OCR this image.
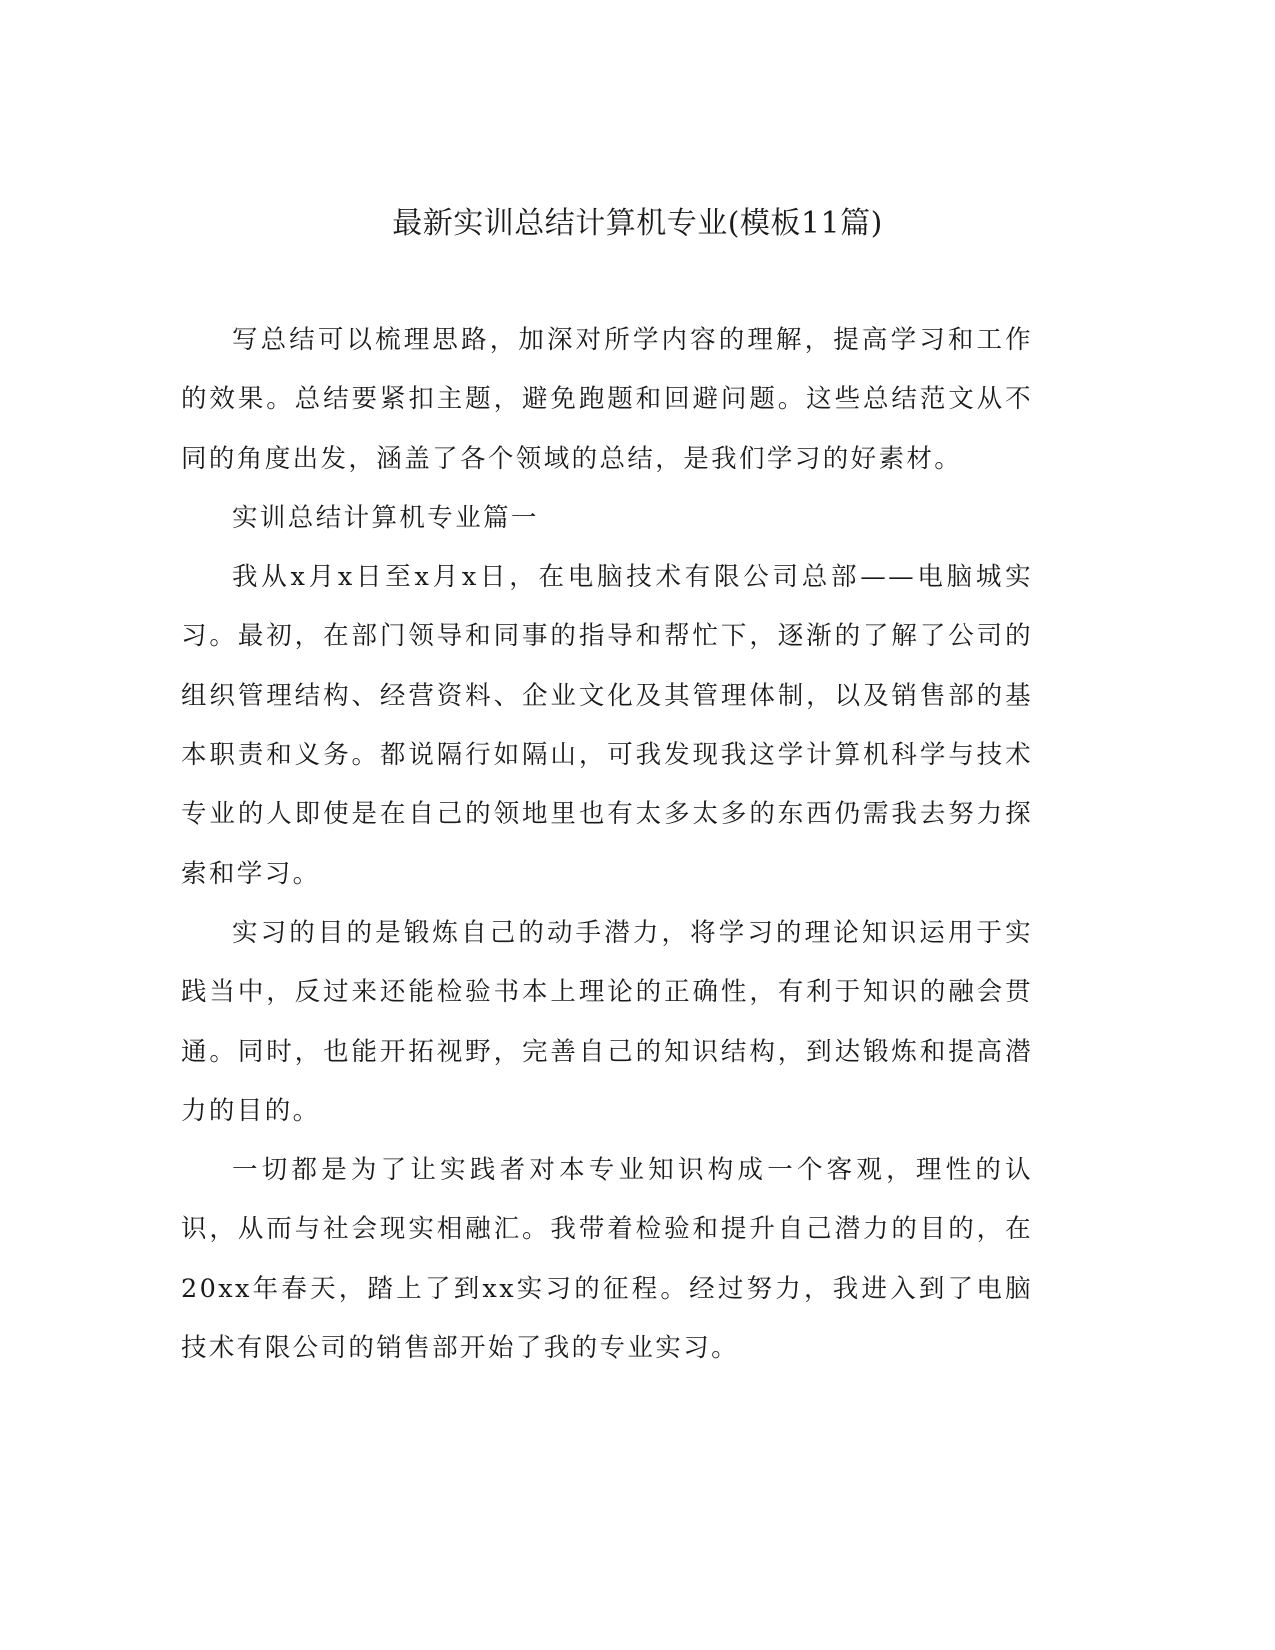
最新实训总结计算机专业(模板11篇)

写总结可以梳理思路，加深对所学内容的理解，提高学习和工作的效果。总结要紧扣主题，避免跑题和回避问题。这些总结范文从不同的角度出发，涵盖了各个领域的总结，是我们学习的好素材。

实训总结计算机专业篇一

我从x月x日至x月x日，在电脑技术有限公司总部——电脑城实习。最初，在部门领导和同事的指导和帮忙下，逐渐的了解了公司的组织管理结构、经营资料、企业文化及其管理体制，以及销售部的基本职责和义务。都说隔行如隔山，可我发现我这学计算机科学与技术专业的人即使是在自己的领地里也有太多太多的东西仍需我去努力探索和学习。

实习的目的是锻炼自己的动手潜力，将学习的理论知识运用于实践当中，反过来还能检验书本上理论的正确性，有利于知识的融会贯通。同时，也能开拓视野，完善自己的知识结构，到达锻炼和提高潜力的目的。

一切都是为了让实践者对本专业知识构成一个客观，理性的认识，从而与社会现实相融汇。我带着检验和提升自己潜力的目的，在20xx年春天，踏上了到xx实习的征程。经过努力，我进入到了电脑技术有限公司的销售部开始了我的专业实习。
